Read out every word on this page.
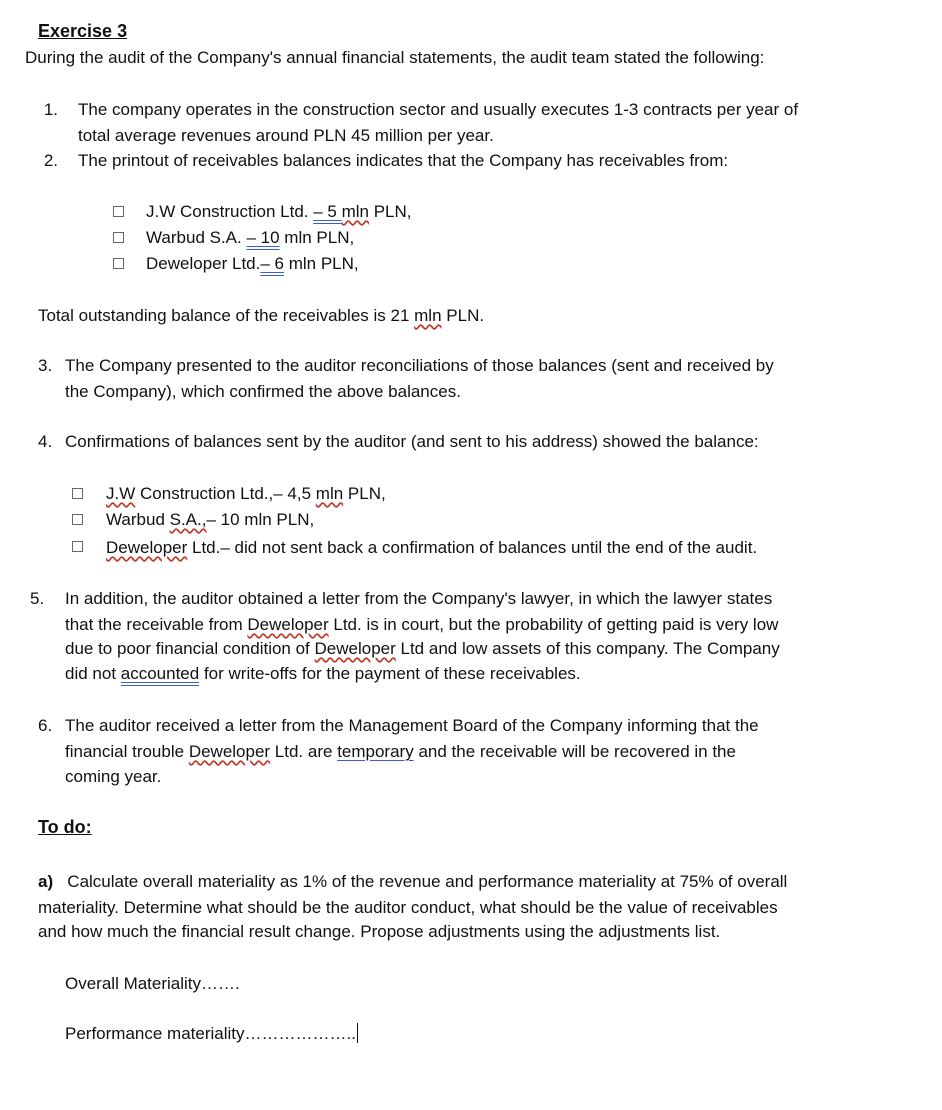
Exercise 3
During the audit of the Company's annual financial statements, the audit team stated the following:
1. The company operates in the construction sector and usually executes 1-3 contracts per year of
total average revenues around PLN 45 million per year.
2. The printout of receivables balances indicates that the Company has receivables from:
J.W Construction Ltd. – 5 mln PLN,
Warbud S.A. – 10 mln PLN,
Deweloper Ltd.– 6 mln PLN,
Total outstanding balance of the receivables is 21 mln PLN.
3. The Company presented to the auditor reconciliations of those balances (sent and received by
the Company), which confirmed the above balances.
4. Confirmations of balances sent by the auditor (and sent to his address) showed the balance:
J.W Construction Ltd.,– 4,5 mln PLN,
Warbud S.A.,– 10 mln PLN,
Deweloper Ltd.– did not sent back a confirmation of balances until the end of the audit.
5. In addition, the auditor obtained a letter from the Company's lawyer, in which the lawyer states
that the receivable from Deweloper Ltd. is in court, but the probability of getting paid is very low
due to poor financial condition of Deweloper Ltd and low assets of this company. The Company
did not accounted for write-offs for the payment of these receivables.
6. The auditor received a letter from the Management Board of the Company informing that the
financial trouble Deweloper Ltd. are temporary and the receivable will be recovered in the
coming year.
To do:
a) Calculate overall materiality as 1% of the revenue and performance materiality at 75% of overall
materiality. Determine what should be the auditor conduct, what should be the value of receivables
and how much the financial result change. Propose adjustments using the adjustments list.
Overall Materiality…….
Performance materiality………………..
